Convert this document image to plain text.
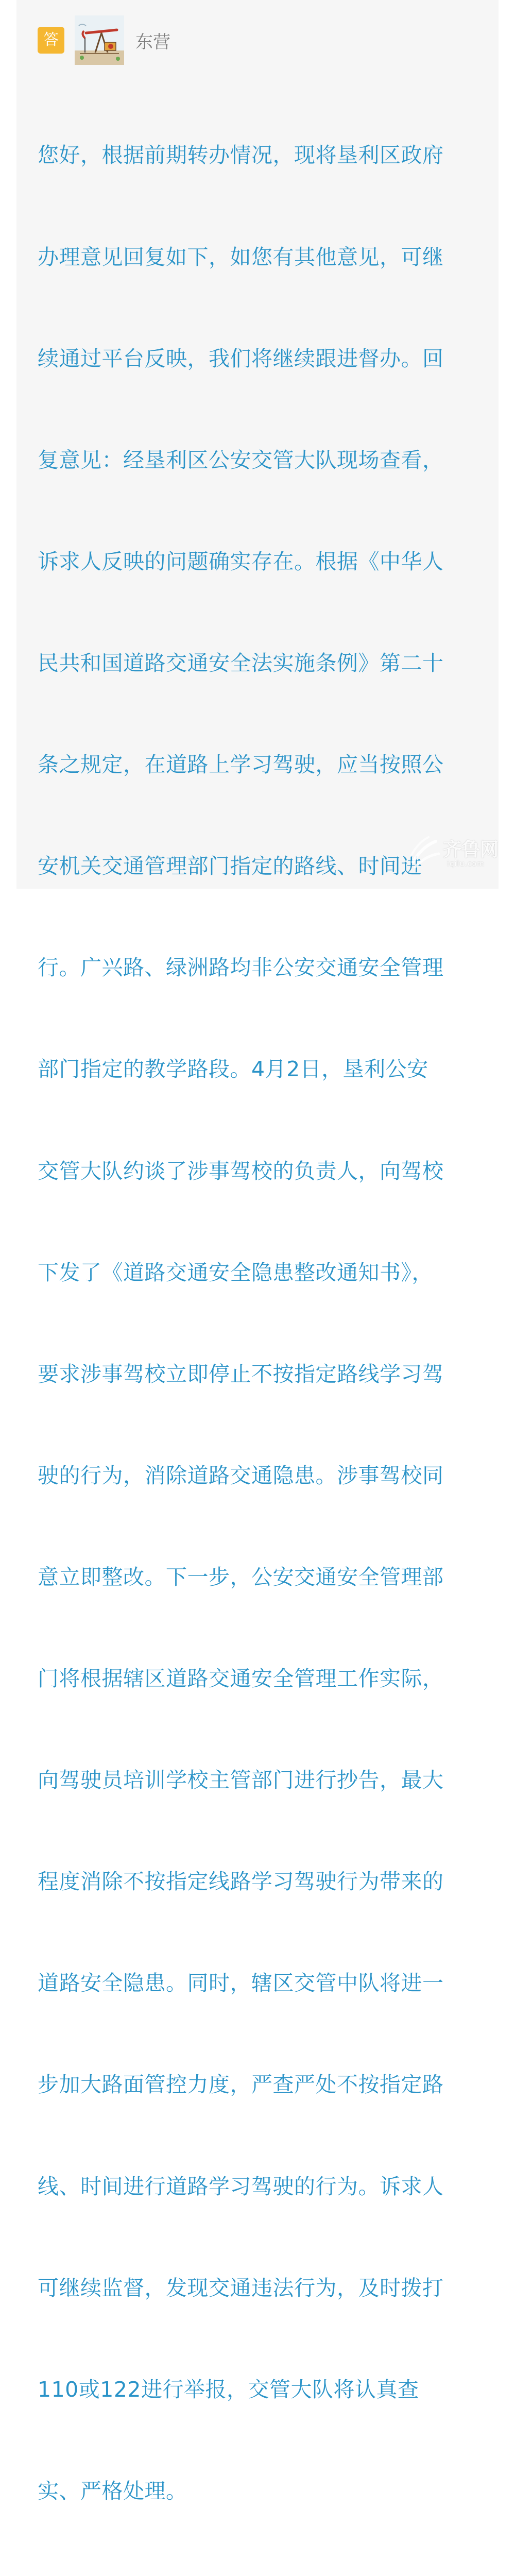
答	东营

您好，根据前期转办情况，现将垦利区政府

办理意见回复如下，如您有其他意见，可继

续通过平台反映，我们将继续跟进督办。回

复意见：经垦利区公安交管大队现场查看，

诉求人反映的问题确实存在。根据《中华人

民共和国道路交通安全法实施条例》第二十

条之规定，在道路上学习驾驶，应当按照公

安机关交通管理部门指定的路线、时间进

行。广兴路、绿洲路均非公安交通安全管理

部门指定的教学路段。4月2日，垦利公安

交管大队约谈了涉事驾校的负责人，向驾校

下发了《道路交通安全隐患整改通知书》，

要求涉事驾校立即停止不按指定路线学习驾

驶的行为，消除道路交通隐患。涉事驾校同

意立即整改。下一步，公安交通安全管理部

门将根据辖区道路交通安全管理工作实际，

向驾驶员培训学校主管部门进行抄告，最大

程度消除不按指定线路学习驾驶行为带来的

道路安全隐患。同时，辖区交管中队将进一

步加大路面管控力度，严查严处不按指定路

线、时间进行道路学习驾驶的行为。诉求人

可继续监督，发现交通违法行为，及时拨打

110或122进行举报，交管大队将认真查

实、严格处理。

齐鲁网
iqilu.com
